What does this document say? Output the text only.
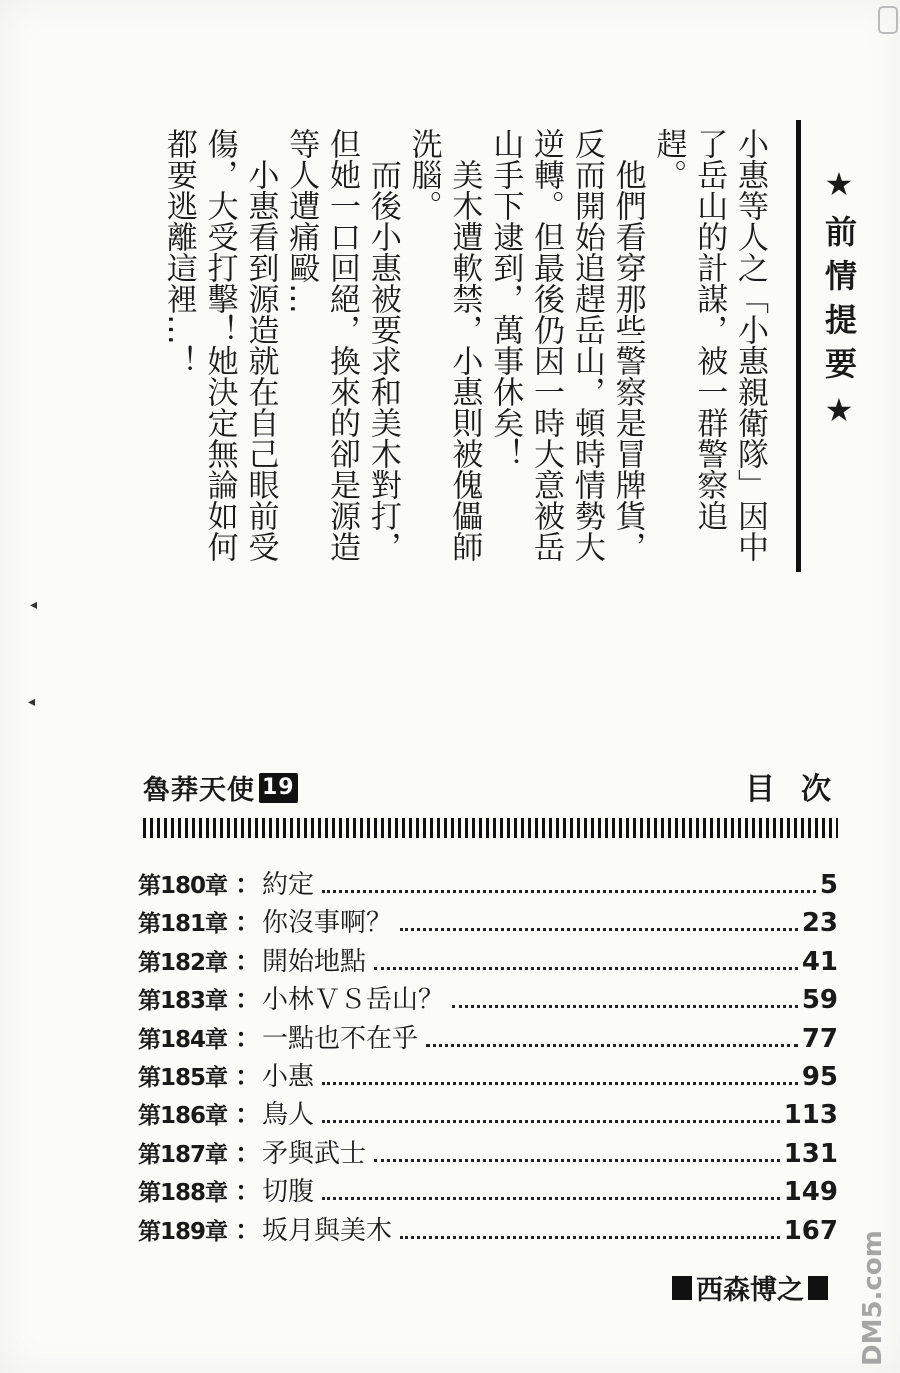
★前情提要★

小惠等人之「小惠親衛隊」因中了岳山的計謀，被一群警察追趕。

他們看穿那些警察是冒牌貨，反而開始追趕岳山，頓時情勢大逆轉。但最後仍因一時大意被岳山手下逮到，萬事休矣！

美木遭軟禁，小惠則被傀儡師洗腦。

而後小惠被要求和美木對打，但她一口回絕，換來的卻是源造等人遭痛毆…

小惠看到源造就在自己眼前受傷，大受打擊！她決定無論如何都要逃離這裡…！

◂
◂
魯莽天使 19	目次
第180章 ： 約定	5
第181章 ： 你沒事啊？	23
第182章 ： 開始地點	41
第183章 ： 小林ＶＳ岳山？	59
第184章 ： 一點也不在乎	77
第185章 ： 小惠	95
第186章 ： 鳥人	113
第187章 ： 矛與武士	131
第188章 ： 切腹	149
第189章 ： 坂月與美木	167
西森博之 DM5.com
